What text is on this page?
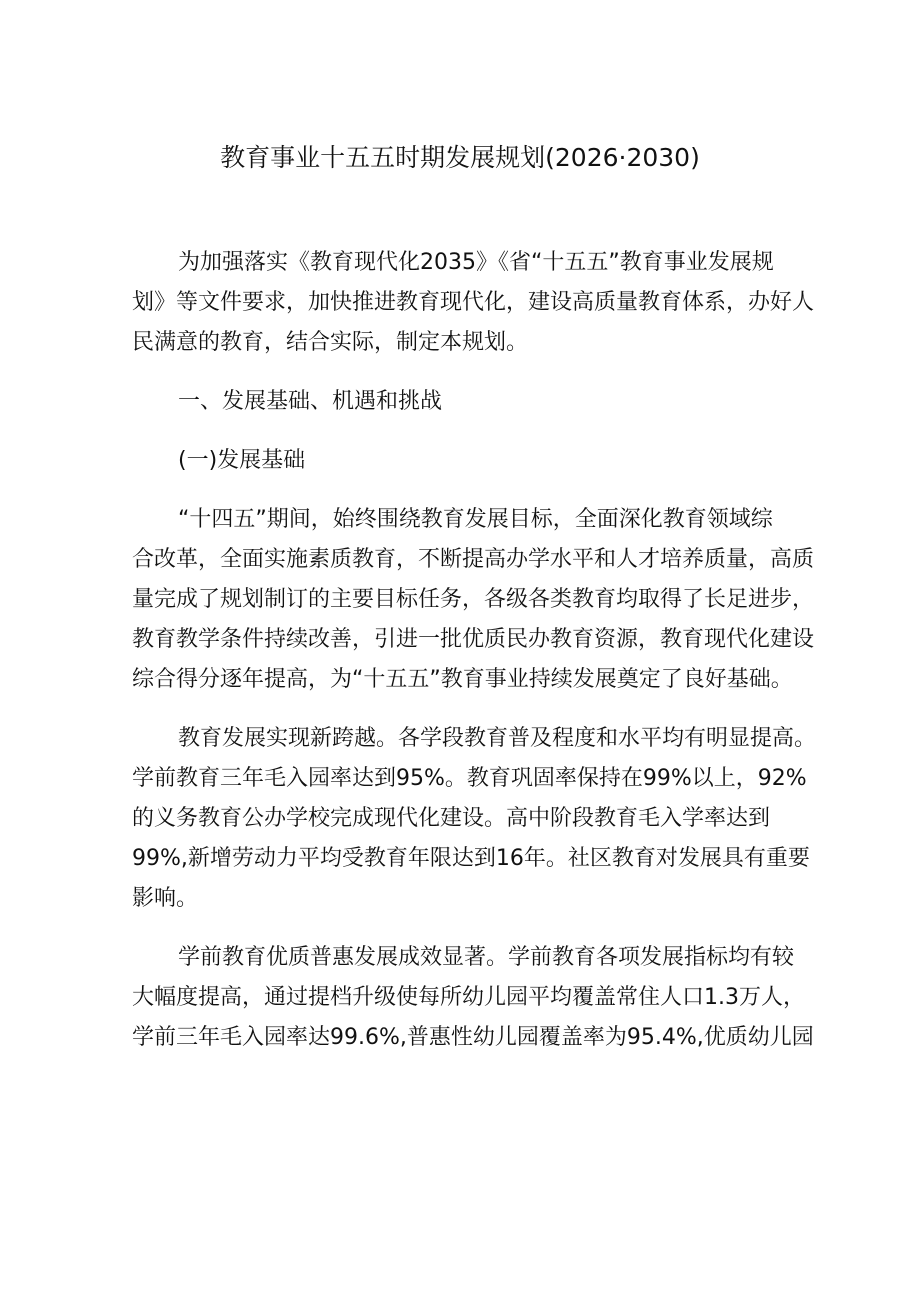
教育事业十五五时期发展规划(2026·2030)

为加强落实《教育现代化2035》《省“十五五”教育事业发展规
划》等文件要求，加快推进教育现代化，建设高质量教育体系，办好人
民满意的教育，结合实际，制定本规划。

一、发展基础、机遇和挑战

(一)发展基础

“十四五”期间，始终围绕教育发展目标，全面深化教育领域综
合改革，全面实施素质教育，不断提高办学水平和人才培养质量，高质
量完成了规划制订的主要目标任务，各级各类教育均取得了长足进步，
教育教学条件持续改善，引进一批优质民办教育资源，教育现代化建设
综合得分逐年提高，为“十五五”教育事业持续发展奠定了良好基础。

教育发展实现新跨越。各学段教育普及程度和水平均有明显提高。
学前教育三年毛入园率达到95%。教育巩固率保持在99%以上，92%
的义务教育公办学校完成现代化建设。高中阶段教育毛入学率达到
99%,新增劳动力平均受教育年限达到16年。社区教育对发展具有重要
影响。

学前教育优质普惠发展成效显著。学前教育各项发展指标均有较
大幅度提高，通过提档升级使每所幼儿园平均覆盖常住人口1.3万人，
学前三年毛入园率达99.6%,普惠性幼儿园覆盖率为95.4%,优质幼儿园
